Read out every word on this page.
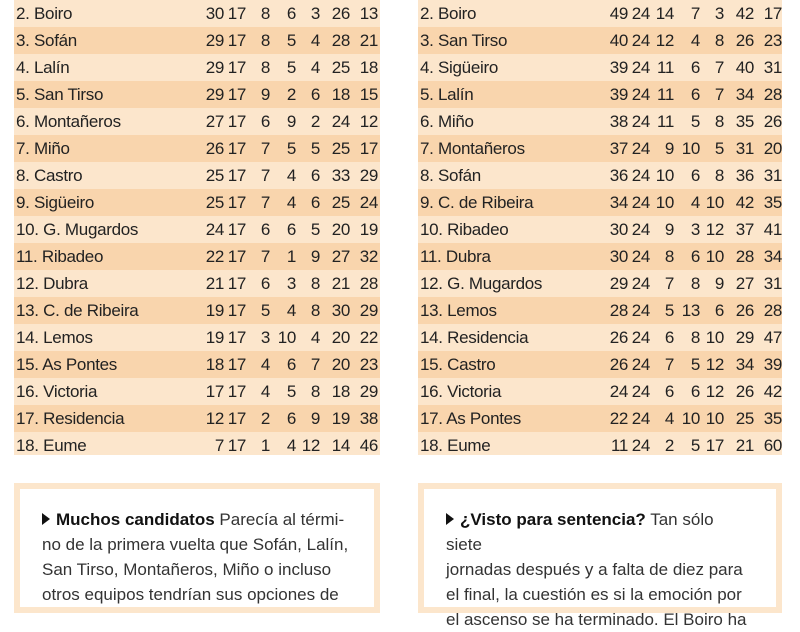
2. Boiro	30 17 8 6 3 26 13
3. Sofán	29 17 8 5 4 28 21
4. Lalín	29 17 8 5 4 25 18
5. San Tirso	29 17 9 2 6 18 15
6. Montañeros	27 17 6 9 2 24 12
7. Miño	26 17 7 5 5 25 17
8. Castro	25 17 7 4 6 33 29
9. Sigüeiro	25 17 7 4 6 25 24
10. G. Mugardos	24 17 6 6 5 20 19
11. Ribadeo	22 17 7 1 9 27 32
12. Dubra	21 17 6 3 8 21 28
13. C. de Ribeira	19 17 5 4 8 30 29
14. Lemos	19 17 3 10 4 20 22
15. As Pontes	18 17 4 6 7 20 23
16. Victoria	17 17 4 5 8 18 29
17. Residencia	12 17 2 6 9 19 38
18. Eume	7 17 1 4 12 14 46
2. Boiro	49 24 14 7 3 42 17
3. San Tirso	40 24 12 4 8 26 23
4. Sigüeiro	39 24 11 6 7 40 31
5. Lalín	39 24 11 6 7 34 28
6. Miño	38 24 11 5 8 35 26
7. Montañeros	37 24 9 10 5 31 20
8. Sofán	36 24 10 6 8 36 31
9. C. de Ribeira	34 24 10 4 10 42 35
10. Ribadeo	30 24 9 3 12 37 41
11. Dubra	30 24 8 6 10 28 34
12. G. Mugardos	29 24 7 8 9 27 31
13. Lemos	28 24 5 13 6 26 28
14. Residencia	26 24 6 8 10 29 47
15. Castro	26 24 7 5 12 34 39
16. Victoria	24 24 6 6 12 26 42
17. As Pontes	22 24 4 10 10 25 35
18. Eume	11 24 2 5 17 21 60

Muchos candidatos Parecía al térmi-

no de la primera vuelta que Sofán, Lalín,

San Tirso, Montañeros, Miño o incluso

otros equipos tendrían sus opciones de

¿Visto para sentencia? Tan sólo siete

jornadas después y a falta de diez para

el final, la cuestión es si la emoción por

el ascenso se ha terminado. El Boiro ha
